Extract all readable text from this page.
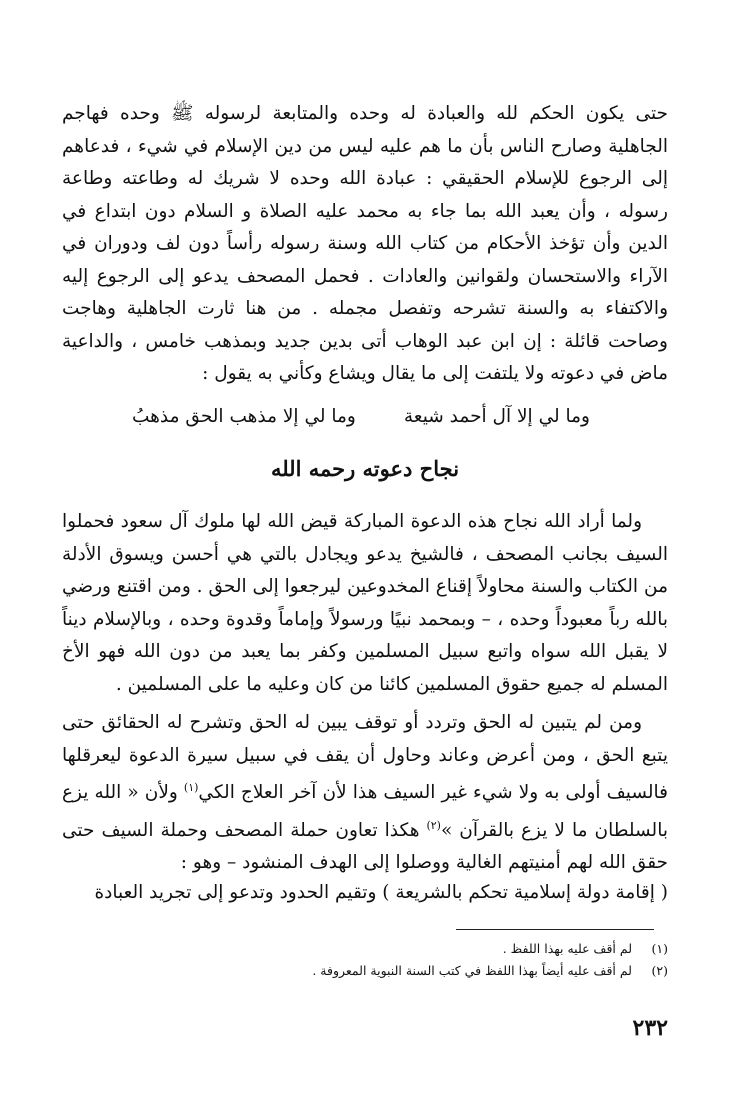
حتى يكون الحكم لله والعبادة له وحده والمتابعة لرسوله ﷺ وحده فهاجم الجاهلية وصارح الناس بأن ما هم عليه ليس من دين الإسلام في شيء ، فدعاهم إلى الرجوع للإسلام الحقيقي : عبادة الله وحده لا شريك له وطاعته وطاعة رسوله ، وأن يعبد الله بما جاء به محمد عليه الصلاة و السلام دون ابتداع في الدين وأن تؤخذ الأحكام من كتاب الله وسنة رسوله رأساً دون لف ودوران في الآراء والاستحسان ولقوانين والعادات . فحمل المصحف يدعو إلى الرجوع إليه والاكتفاء به والسنة تشرحه وتفصل مجمله . من هنا ثارت الجاهلية وهاجت وصاحت قائلة : إن ابن عبد الوهاب أتى بدين جديد وبمذهب خامس ، والداعية ماض في دعوته ولا يلتفت إلى ما يقال ويشاع وكأني به يقول :

وما لي إلا آل أحمد شيعة
وما لي إلا مذهب الحق مذهبُ
نجاح دعوته رحمه الله

ولما أراد الله نجاح هذه الدعوة المباركة قيض الله لها ملوك آل سعود فحملوا السيف بجانب المصحف ، فالشيخ يدعو ويجادل بالتي هي أحسن ويسوق الأدلة من الكتاب والسنة محاولاً إقناع المخدوعين ليرجعوا إلى الحق . ومن اقتنع ورضي بالله رباً معبوداً وحده ، – وبمحمد نبيًا ورسولاً وإماماً وقدوة وحده ، وبالإسلام ديناً لا يقبل الله سواه واتبع سبيل المسلمين وكفر بما يعبد من دون الله فهو الأخ المسلم له جميع حقوق المسلمين كائنا من كان وعليه ما على المسلمين .

ومن لم يتبين له الحق وتردد أو توقف يبين له الحق وتشرح له الحقائق حتى يتبع الحق ، ومن أعرض وعاند وحاول أن يقف في سبيل سيرة الدعوة ليعرقلها فالسيف أولى به ولا شيء غير السيف هذا لأن آخر العلاج الكي$^{(١)}$ ولأن « الله يزع بالسلطان ما لا يزع بالقرآن »$^{(٢)}$ هكذا تعاون حملة المصحف وحملة السيف حتى حقق الله لهم أمنيتهم الغالية ووصلوا إلى الهدف المنشود – وهو :

( إقامة دولة إسلامية تحكم بالشريعة ) وتقيم الحدود وتدعو إلى تجريد العبادة

(١)
لم أقف عليه بهذا اللفظ .
(٢)
لم أقف عليه أيضاً بهذا اللفظ في كتب السنة النبوية المعروفة .
٢٣٢
